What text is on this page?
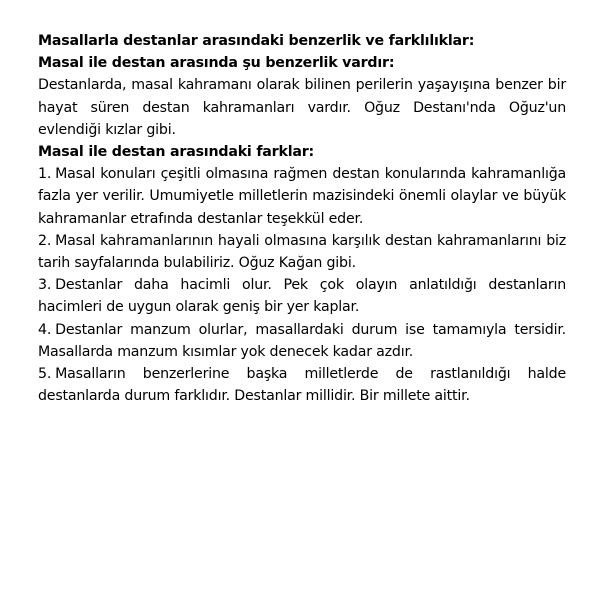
Masallarla destanlar arasındaki benzerlik ve farklılıklar:

Masal ile destan arasında şu benzerlik vardır:

Destanlarda, masal kahramanı olarak bilinen perilerin yaşayışına benzer bir hayat süren destan kahramanları vardır. Oğuz Destanı'nda Oğuz'un evlendiği kızlar gibi.

Masal ile destan arasındaki farklar:

1. Masal konuları çeşitli olmasına rağmen destan konularında kahramanlığa fazla yer verilir. Umumiyetle milletlerin mazisindeki önemli olaylar ve büyük kahramanlar etrafında destanlar teşekkül eder.

2. Masal kahramanlarının hayali olmasına karşılık destan kahramanlarını biz tarih sayfalarında bulabiliriz. Oğuz Kağan gibi.

3. Destanlar daha hacimli olur. Pek çok olayın anlatıldığı destanların hacimleri de uygun olarak geniş bir yer kaplar.

4. Destanlar manzum olurlar, masallardaki durum ise tamamıyla tersidir. Masallarda manzum kısımlar yok denecek kadar azdır.

5. Masalların benzerlerine başka milletlerde de rastlanıldığı halde destanlarda durum farklıdır. Destanlar millidir. Bir millete aittir.
